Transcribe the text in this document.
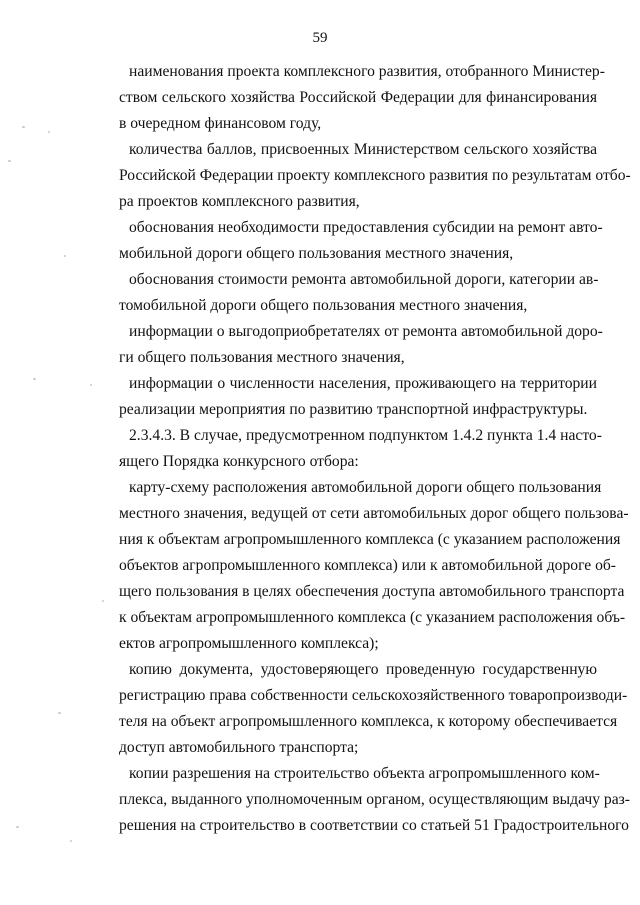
59
наименования проекта комплексного развития, отобранного Министер-
ством сельского хозяйства Российской Федерации для финансирования
в очередном финансовом году,
количества баллов, присвоенных Министерством сельского хозяйства
Российской Федерации проекту комплексного развития по результатам отбо-
ра проектов комплексного развития,
обоснования необходимости предоставления субсидии на ремонт авто-
мобильной дороги общего пользования местного значения,
обоснования стоимости ремонта автомобильной дороги, категории ав-
томобильной дороги общего пользования местного значения,
информации о выгодоприобретателях от ремонта автомобильной доро-
ги общего пользования местного значения,
информации о численности населения, проживающего на территории
реализации мероприятия по развитию транспортной инфраструктуры.
2.3.4.3. В случае, предусмотренном подпунктом 1.4.2 пункта 1.4 насто-
ящего Порядка конкурсного отбора:
карту-схему расположения автомобильной дороги общего пользования
местного значения, ведущей от сети автомобильных дорог общего пользова-
ния к объектам агропромышленного комплекса (с указанием расположения
объектов агропромышленного комплекса) или к автомобильной дороге об-
щего пользования в целях обеспечения доступа автомобильного транспорта
к объектам агропромышленного комплекса (с указанием расположения объ-
ектов агропромышленного комплекса);
копию документа, удостоверяющего проведенную государственную
регистрацию права собственности сельскохозяйственного товаропроизводи-
теля на объект агропромышленного комплекса, к которому обеспечивается
доступ автомобильного транспорта;
копии разрешения на строительство объекта агропромышленного ком-
плекса, выданного уполномоченным органом, осуществляющим выдачу раз-
решения на строительство в соответствии со статьей 51 Градостроительного
